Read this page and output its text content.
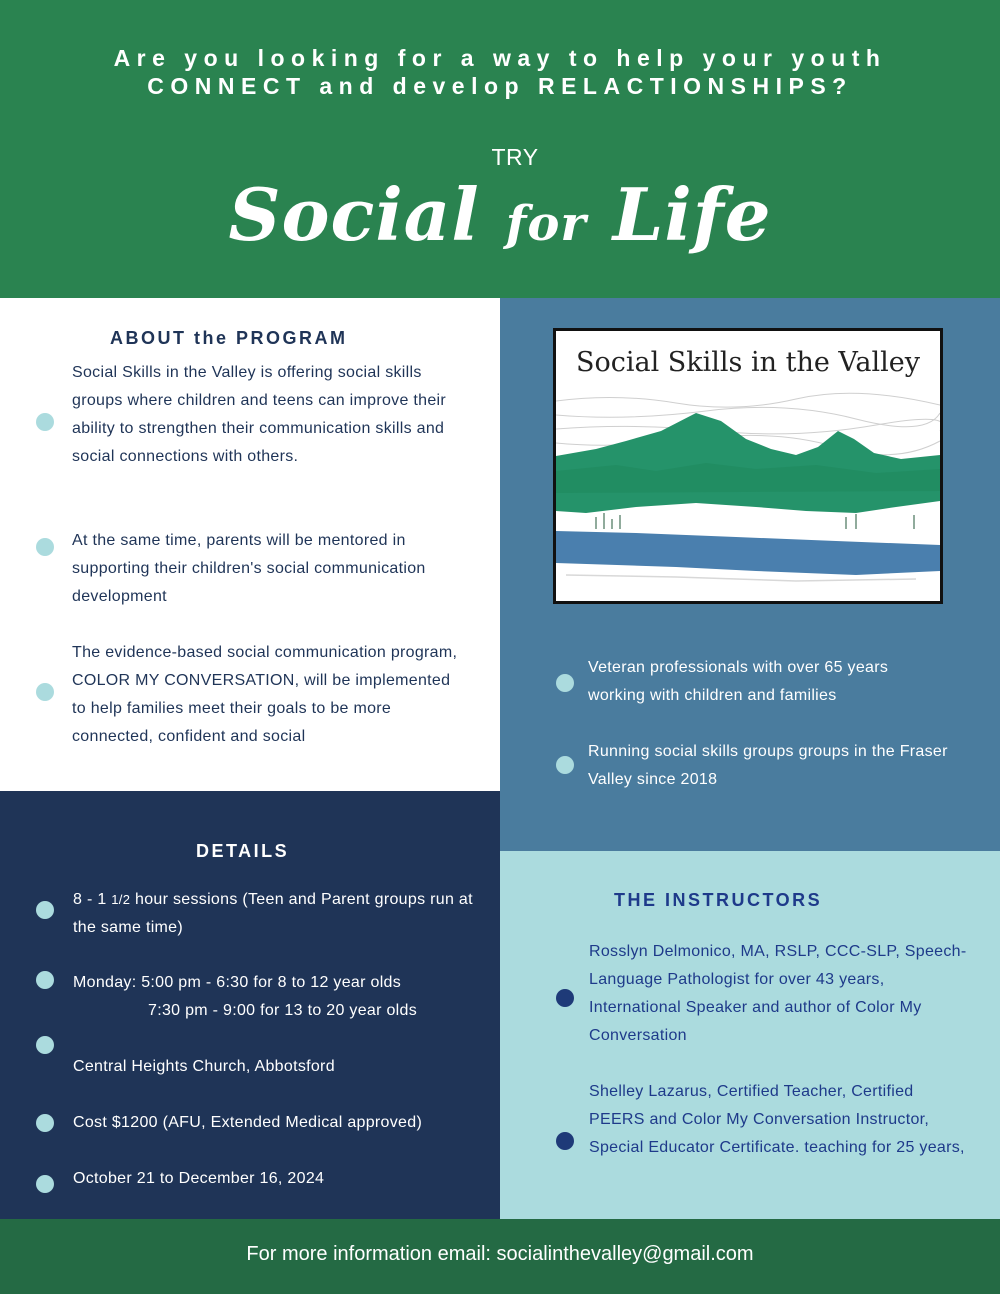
Are you looking for a way to help your youth CONNECT and develop RELACTIONSHIPS?
TRY
Social for Life
ABOUT the PROGRAM
Social Skills in the Valley is offering social skills groups where children and teens can improve their ability to strengthen their communication skills and social connections with others.
At the same time, parents will be mentored in supporting their children's social communication development
The evidence-based social communication program, COLOR MY CONVERSATION, will be implemented to help families meet their goals to be more connected, confident and social
Social Skills in the Valley
Veteran professionals with over 65 years working with children and families
Running social skills groups groups in the Fraser Valley since 2018
DETAILS
8 - 1 1/2 hour sessions (Teen and Parent groups run at the same time)
Monday: 5:00 pm - 6:30 for 8 to 12 year olds
7:30 pm - 9:00 for 13 to 20 year olds
Central Heights Church, Abbotsford
Cost $1200 (AFU, Extended Medical approved)
October 21 to December 16, 2024
THE INSTRUCTORS
Rosslyn Delmonico, MA, RSLP, CCC-SLP, Speech-Language Pathologist for over 43 years, International Speaker and author of Color My Conversation
Shelley Lazarus, Certified Teacher, Certified PEERS and Color My Conversation Instructor, Special Educator Certificate. teaching for 25 years,
For more information email: socialinthevalley@gmail.com
